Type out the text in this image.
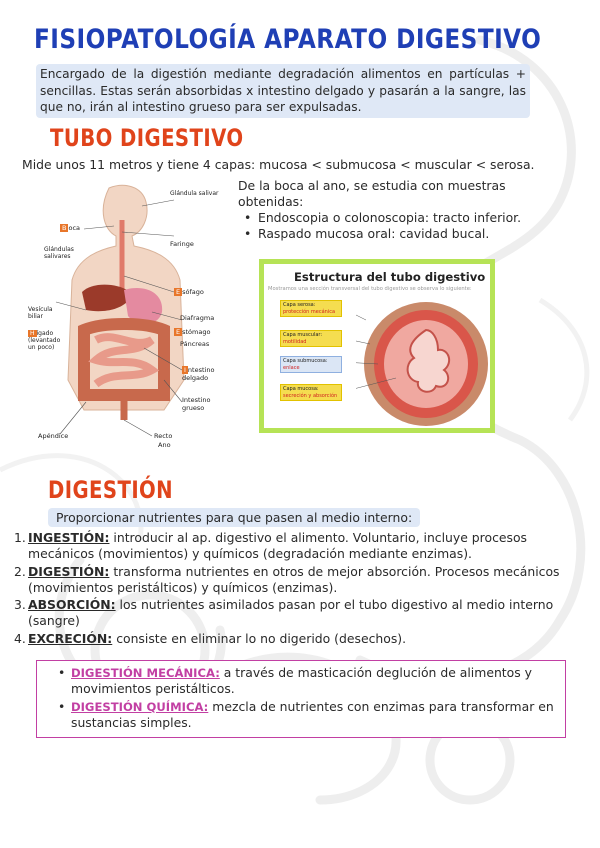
FISIOPATOLOGÍA APARATO DIGESTIVO
Encargado de la digestión mediante degradación alimentos en partículas + sencillas. Estas serán absorbidas x intestino delgado y pasarán a la sangre, las que no, irán al intestino grueso para ser expulsadas.
TUBO DIGESTIVO
Mide unos 11 metros y tiene 4 capas: mucosa < submucosa < muscular < serosa.
Glándula salivar
B oca
Faringe
Glándulas salivares
E sófago
Vesícula biliar	Diafragma
E stómago
H ígado (levantado un poco)	Páncreas
I ntestino delgado
Intestino grueso
Apéndice	Recto
Ano
De la boca al ano, se estudia con muestras obtenidas:
• Endoscopia o colonoscopia: tracto inferior.
• Raspado mucosa oral: cavidad bucal.
Estructura del tubo digestivo
Mostramos una sección transversal del tubo digestivo se observa lo siguiente:
Capa serosa:
protección mecánica
Capa muscular:
motilidad
Capa submucosa:
enlace
Capa mucosa:
secreción y absorción
DIGESTIÓN
Proporcionar nutrientes para que pasen al medio interno:
1. INGESTIÓN: introducir al ap. digestivo el alimento. Voluntario, incluye procesos mecánicos (movimientos) y químicos (degradación mediante enzimas).
2. DIGESTIÓN: transforma nutrientes en otros de mejor absorción. Procesos mecánicos (movimientos peristálticos) y químicos (enzimas).
3. ABSORCIÓN: los nutrientes asimilados pasan por el tubo digestivo al medio interno (sangre)
4. EXCRECIÓN: consiste en eliminar lo no digerido (desechos).
• DIGESTIÓN MECÁNICA: a través de masticación deglución de alimentos y movimientos peristálticos.
• DIGESTIÓN QUÍMICA: mezcla de nutrientes con enzimas para transformar en sustancias simples.
